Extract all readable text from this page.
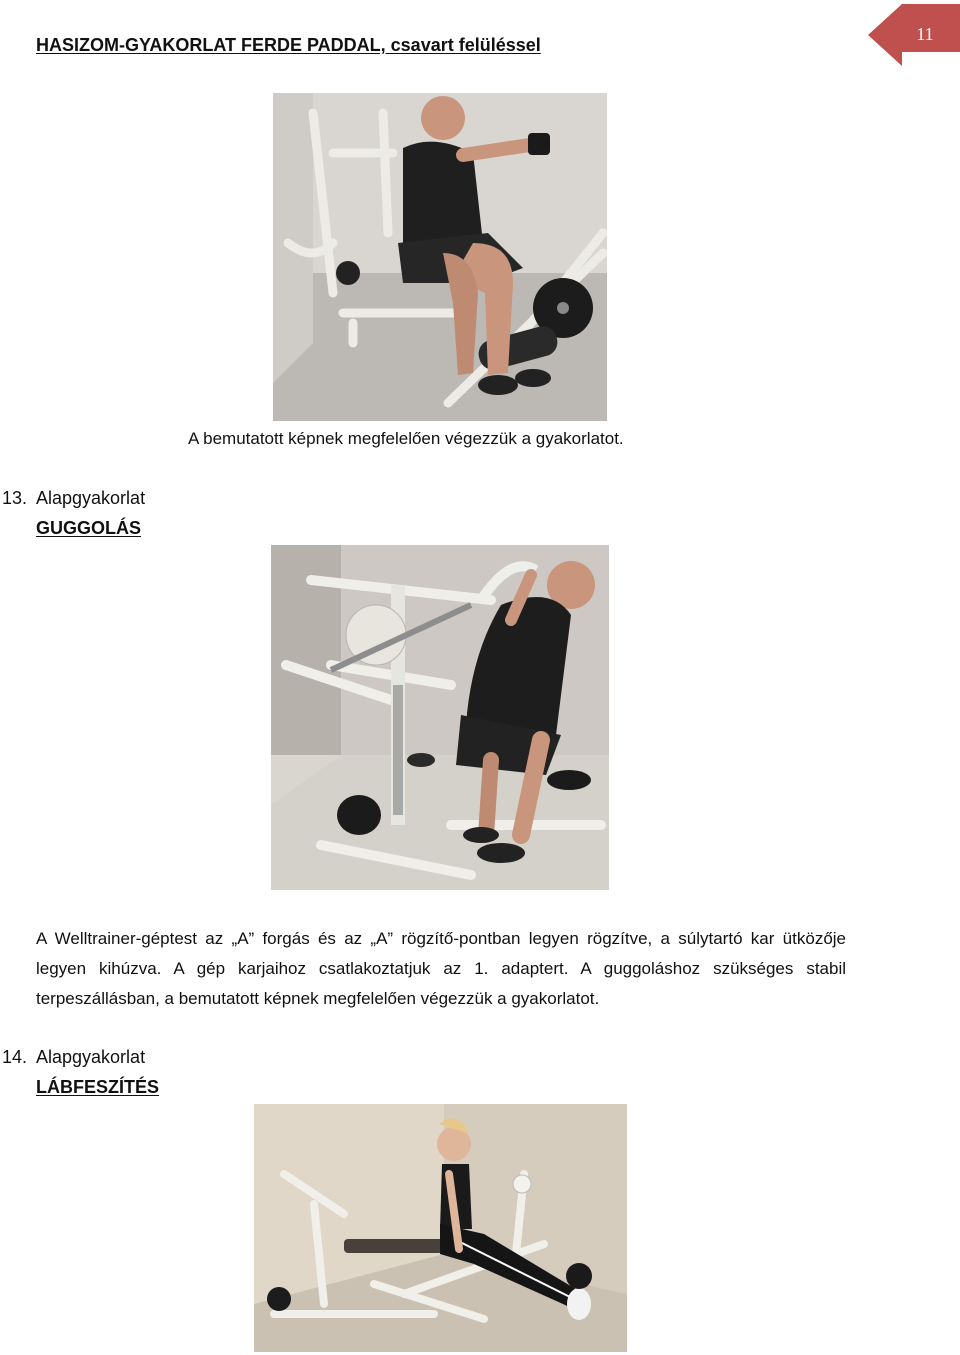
HASIZOM-GYAKORLAT FERDE PADDAL, csavart felüléssel
11
A bemutatott képnek megfelelően végezzük a gyakorlatot.
13. Alapgyakorlat
GUGGOLÁS
A Welltrainer-géptest az „A” forgás és az „A” rögzítő-pontban legyen rögzítve, a súlytartó kar ütközője legyen kihúzva. A gép karjaihoz csatlakoztatjuk az 1. adaptert. A guggoláshoz szükséges stabil terpeszállásban, a bemutatott képnek megfelelően végezzük a gyakorlatot.
14. Alapgyakorlat
LÁBFESZÍTÉS
